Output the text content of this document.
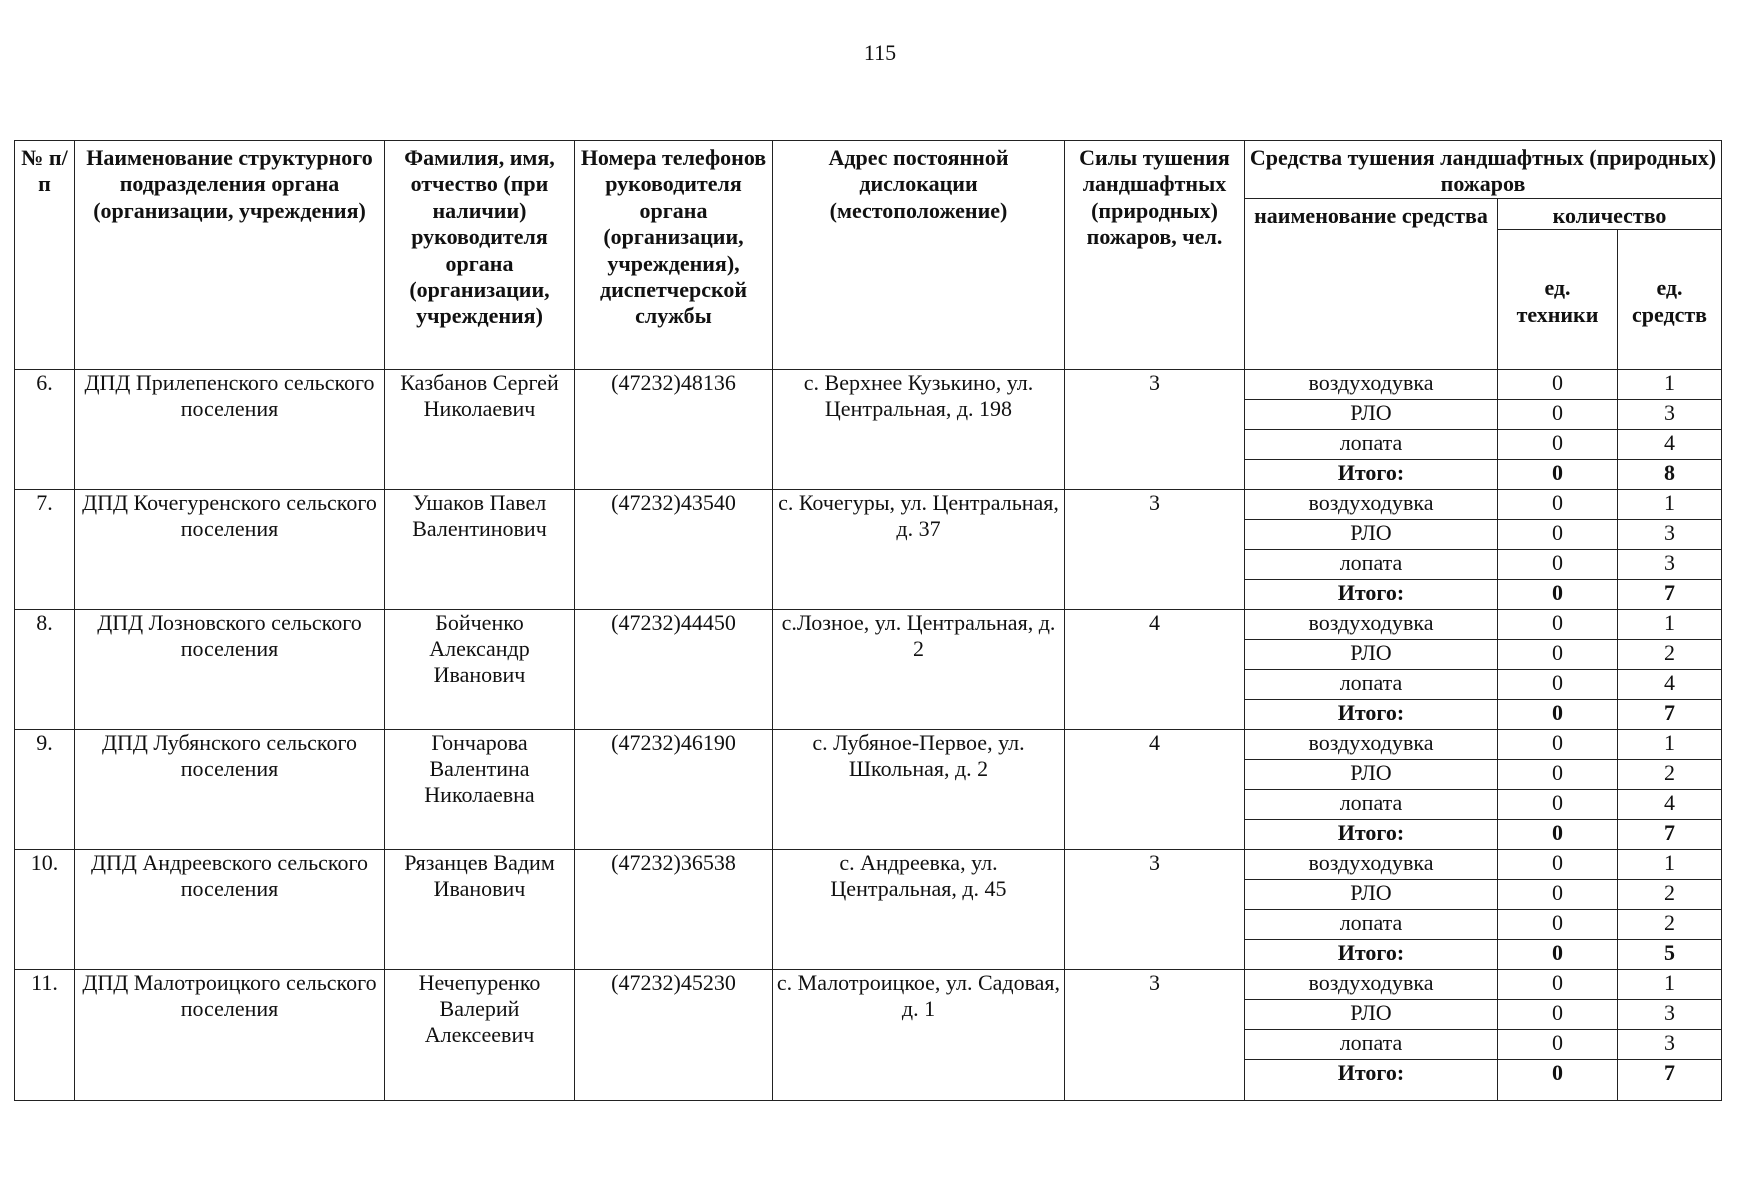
115
№ п/п	Наименование структурного подразделения органа (организации, учреждения)	Фамилия, имя, отчество (при наличии) руководителя органа (организации, учреждения)	Номера телефонов руководителя органа (организации, учреждения), диспетчерской службы	Адрес постоянной дислокации (местоположение)	Силы тушения ландшафтных (природных) пожаров, чел.	Средства тушения ландшафтных (природных) пожаров		
						наименование средства	количество	
							ед. техники	ед. средств
6.	ДПД Прилепенского сельского поселения	Казбанов Сергей Николаевич	(47232)48136	с. Верхнее Кузькино, ул. Центральная, д. 198	3	воздуходувка	0	1
						РЛО	0	3
						лопата	0	4
						Итого:	0	8
7.	ДПД Кочегуренского сельского поселения	Ушаков Павел Валентинович	(47232)43540	с. Кочегуры, ул. Центральная, д. 37	3	воздуходувка	0	1
						РЛО	0	3
						лопата	0	3
						Итого:	0	7
8.	ДПД Лозновского сельского поселения	Бойченко Александр Иванович	(47232)44450	с.Лозное, ул. Центральная, д. 2	4	воздуходувка	0	1
						РЛО	0	2
						лопата	0	4
						Итого:	0	7
9.	ДПД Лубянского сельского поселения	Гончарова Валентина Николаевна	(47232)46190	с. Лубяное-Первое, ул. Школьная, д. 2	4	воздуходувка	0	1
						РЛО	0	2
						лопата	0	4
						Итого:	0	7
10.	ДПД Андреевского сельского поселения	Рязанцев Вадим Иванович	(47232)36538	с. Андреевка, ул. Центральная, д. 45	3	воздуходувка	0	1
						РЛО	0	2
						лопата	0	2
						Итого:	0	5
11.	ДПД Малотроицкого сельского поселения	Нечепуренко Валерий Алексеевич	(47232)45230	с. Малотроицкое, ул. Садовая, д. 1	3	воздуходувка	0	1
						РЛО	0	3
						лопата	0	3
						Итого:	0	7
